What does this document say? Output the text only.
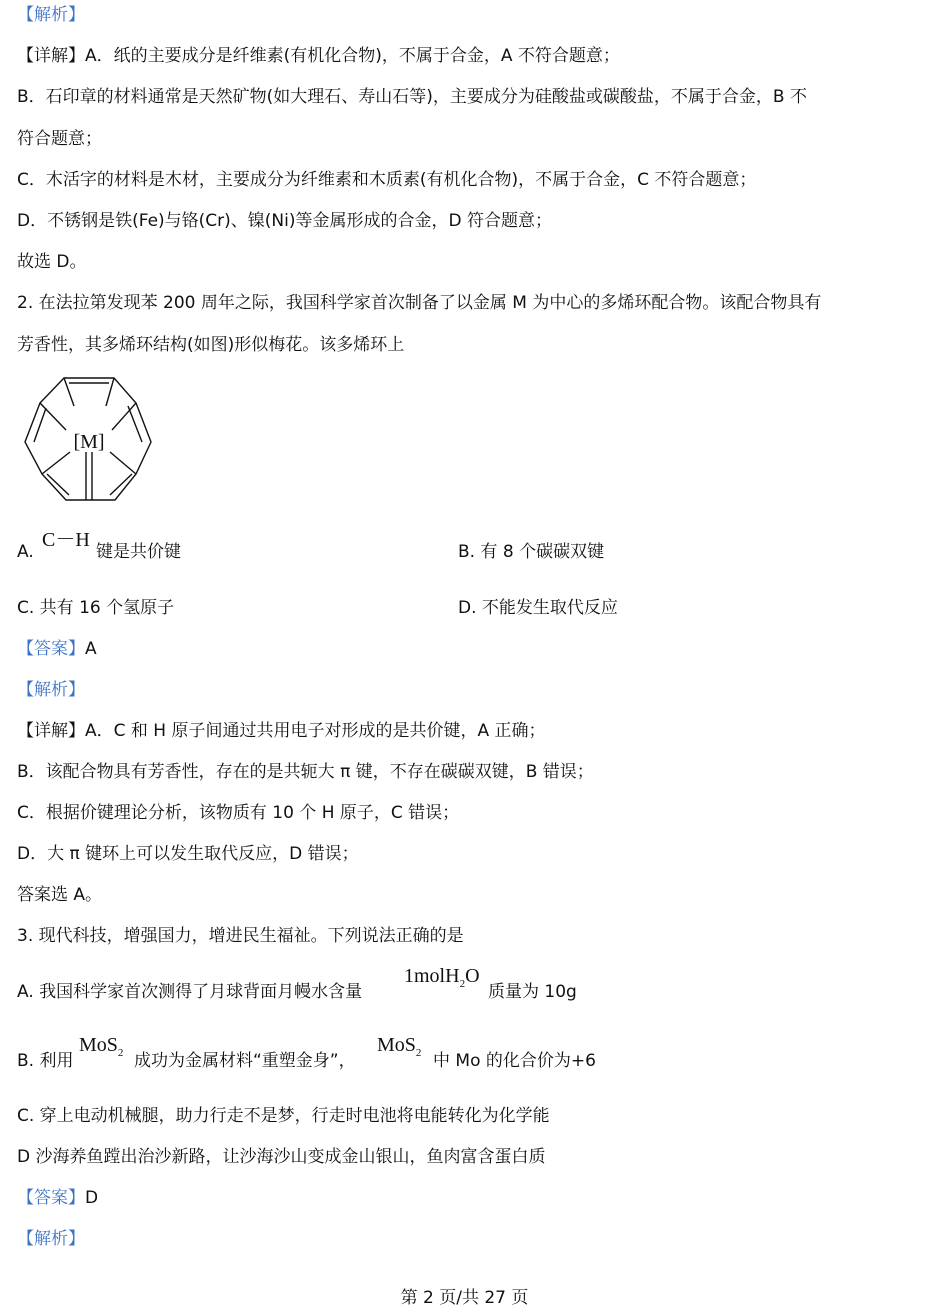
【解析】
【详解】A．纸的主要成分是纤维素(有机化合物)，不属于合金，A 不符合题意；
B．石印章的材料通常是天然矿物(如大理石、寿山石等)，主要成分为硅酸盐或碳酸盐，不属于合金，B 不
符合题意；
C．木活字的材料是木材，主要成分为纤维素和木质素(有机化合物)，不属于合金，C 不符合题意；
D．不锈钢是铁(Fe)与铬(Cr)、镍(Ni)等金属形成的合金，D 符合题意；
故选 D。
2. 在法拉第发现苯 200 周年之际，我国科学家首次制备了以金属 M 为中心的多烯环配合物。该配合物具有
芳香性，其多烯环结构(如图)形似梅花。该多烯环上
[M]
A.
C－H
键是共价键	B. 有 8 个碳碳双键
C. 共有 16 个氢原子	D. 不能发生取代反应
【答案】A
【解析】
【详解】A．C 和 H 原子间通过共用电子对形成的是共价键，A 正确；
B．该配合物具有芳香性，存在的是共轭大 π 键，不存在碳碳双键，B 错误；
C．根据价键理论分析，该物质有 10 个 H 原子，C 错误；
D．大 π 键环上可以发生取代反应，D 错误；
答案选 A。
3. 现代科技，增强国力，增进民生福祉。下列说法正确的是
A. 我国科学家首次测得了月球背面月幔水含量
1molH$_2$O
质量为 10g
B. 利用
MoS$_2$ 成功为金属材料“重塑金身”，
MoS$_2$ 中 Mo 的化合价为+6
C. 穿上电动机械腿，助力行走不是梦，行走时电池将电能转化为化学能
D 沙海养鱼蹚出治沙新路，让沙海沙山变成金山银山，鱼肉富含蛋白质
【答案】D
【解析】
第 2 页/共 27 页
